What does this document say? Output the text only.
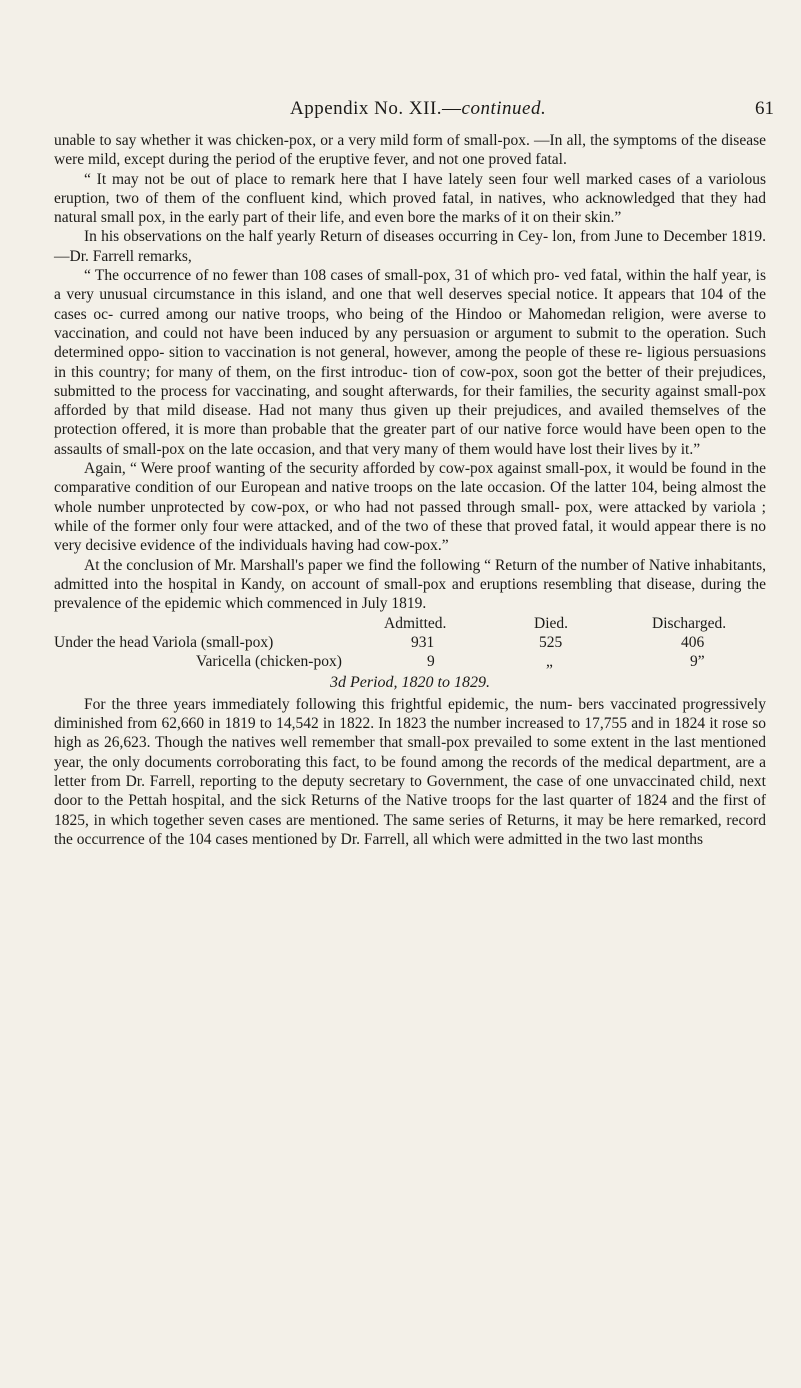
Appendix No. XII.—continued.	61

unable to say whether it was chicken-pox, or a very mild form of small-pox. —In all, the symptoms of the disease were mild, except during the period of the eruptive fever, and not one proved fatal.

“ It may not be out of place to remark here that I have lately seen four well marked cases of a variolous eruption, two of them of the confluent kind, which proved fatal, in natives, who acknowledged that they had natural small pox, in the early part of their life, and even bore the marks of it on their skin.”

In his observations on the half yearly Return of diseases occurring in Cey- lon, from June to December 1819.—Dr. Farrell remarks,

“ The occurrence of no fewer than 108 cases of small-pox, 31 of which pro- ved fatal, within the half year, is a very unusual circumstance in this island, and one that well deserves special notice. It appears that 104 of the cases oc- curred among our native troops, who being of the Hindoo or Mahomedan religion, were averse to vaccination, and could not have been induced by any persuasion or argument to submit to the operation. Such determined oppo- sition to vaccination is not general, however, among the people of these re- ligious persuasions in this country; for many of them, on the first introduc- tion of cow-pox, soon got the better of their prejudices, submitted to the process for vaccinating, and sought afterwards, for their families, the security against small-pox afforded by that mild disease. Had not many thus given up their prejudices, and availed themselves of the protection offered, it is more than probable that the greater part of our native force would have been open to the assaults of small-pox on the late occasion, and that very many of them would have lost their lives by it.”

Again, “ Were proof wanting of the security afforded by cow-pox against small-pox, it would be found in the comparative condition of our European and native troops on the late occasion. Of the latter 104, being almost the whole number unprotected by cow-pox, or who had not passed through small- pox, were attacked by variola ; while of the former only four were attacked, and of the two of these that proved fatal, it would appear there is no very decisive evidence of the individuals having had cow-pox.”

At the conclusion of Mr. Marshall's paper we find the following “ Return of the number of Native inhabitants, admitted into the hospital in Kandy, on account of small-pox and eruptions resembling that disease, during the prevalence of the epidemic which commenced in July 1819.

Admitted.	Died.	Discharged.
Under the head Variola (small-pox)	931	525	406
Varicella (chicken-pox)	9	„	9”
3d Period, 1820 to 1829.

For the three years immediately following this frightful epidemic, the num- bers vaccinated progressively diminished from 62,660 in 1819 to 14,542 in 1822. In 1823 the number increased to 17,755 and in 1824 it rose so high as 26,623. Though the natives well remember that small-pox prevailed to some extent in the last mentioned year, the only documents corroborating this fact, to be found among the records of the medical department, are a letter from Dr. Farrell, reporting to the deputy secretary to Government, the case of one unvaccinated child, next door to the Pettah hospital, and the sick Returns of the Native troops for the last quarter of 1824 and the first of 1825, in which together seven cases are mentioned. The same series of Returns, it may be here remarked, record the occurrence of the 104 cases mentioned by Dr. Farrell, all which were admitted in the two last months
